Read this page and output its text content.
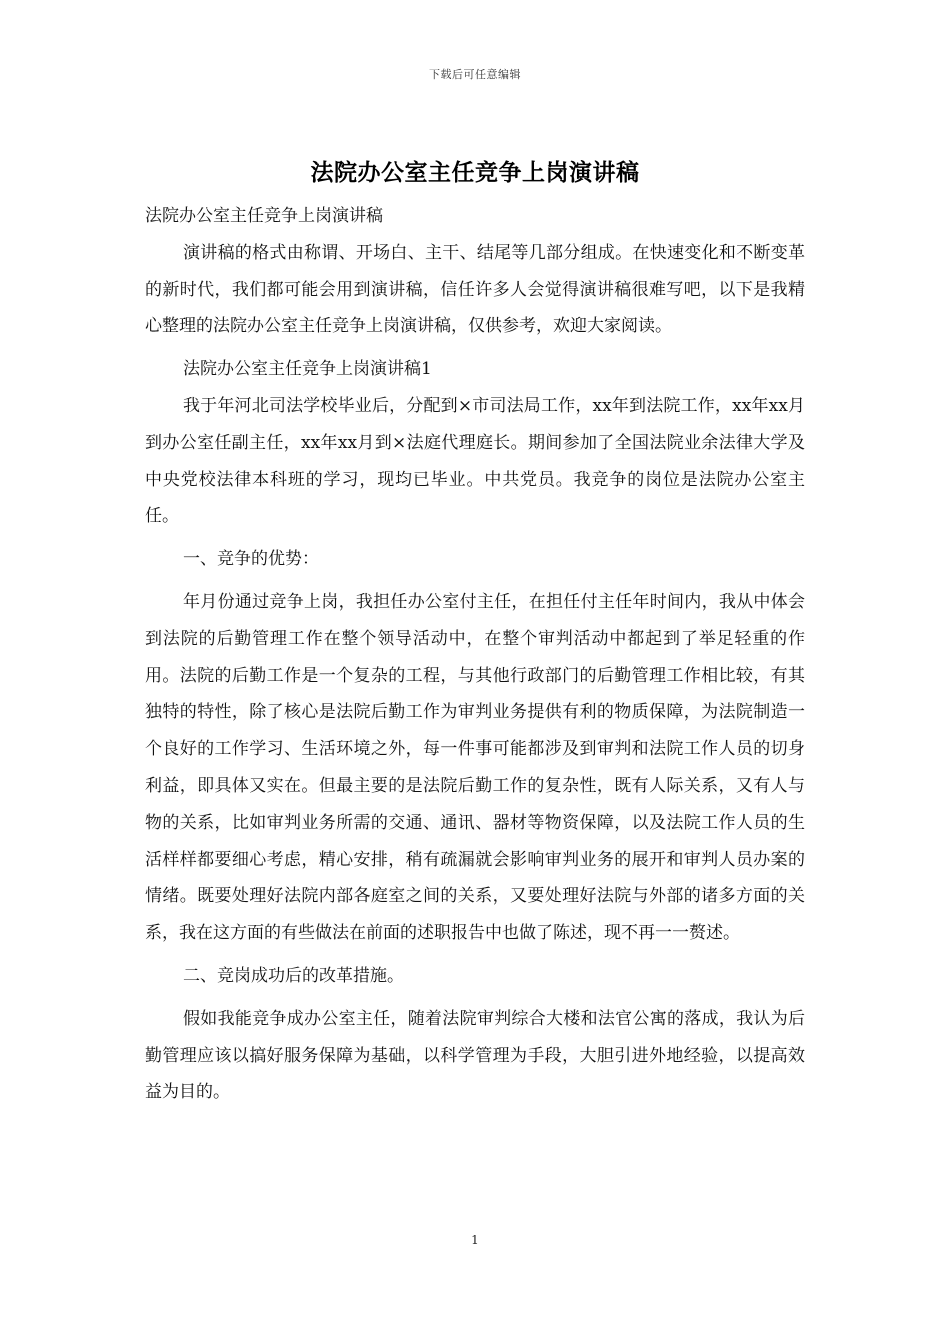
下载后可任意编辑
法院办公室主任竞争上岗演讲稿

法院办公室主任竞争上岗演讲稿

演讲稿的格式由称谓、开场白、主干、结尾等几部分组成。在快速变化和不断变革的新时代，我们都可能会用到演讲稿，信任许多人会觉得演讲稿很难写吧，以下是我精心整理的法院办公室主任竞争上岗演讲稿，仅供参考，欢迎大家阅读。

法院办公室主任竞争上岗演讲稿1

我于年河北司法学校毕业后，分配到×市司法局工作，xx年到法院工作，xx年xx月到办公室任副主任，xx年xx月到×法庭代理庭长。期间参加了全国法院业余法律大学及中央党校法律本科班的学习，现均已毕业。中共党员。我竞争的岗位是法院办公室主任。

一、竞争的优势：

年月份通过竞争上岗，我担任办公室付主任，在担任付主任年时间内，我从中体会到法院的后勤管理工作在整个领导活动中，在整个审判活动中都起到了举足轻重的作用。法院的后勤工作是一个复杂的工程，与其他行政部门的后勤管理工作相比较，有其独特的特性，除了核心是法院后勤工作为审判业务提供有利的物质保障，为法院制造一个良好的工作学习、生活环境之外，每一件事可能都涉及到审判和法院工作人员的切身利益，即具体又实在。但最主要的是法院后勤工作的复杂性，既有人际关系，又有人与物的关系，比如审判业务所需的交通、通讯、器材等物资保障，以及法院工作人员的生活样样都要细心考虑，精心安排，稍有疏漏就会影响审判业务的展开和审判人员办案的情绪。既要处理好法院内部各庭室之间的关系，又要处理好法院与外部的诸多方面的关系，我在这方面的有些做法在前面的述职报告中也做了陈述，现不再一一赘述。

二、竞岗成功后的改革措施。

假如我能竞争成办公室主任，随着法院审判综合大楼和法官公寓的落成，我认为后勤管理应该以搞好服务保障为基础，以科学管理为手段，大胆引进外地经验，以提高效益为目的。

1
